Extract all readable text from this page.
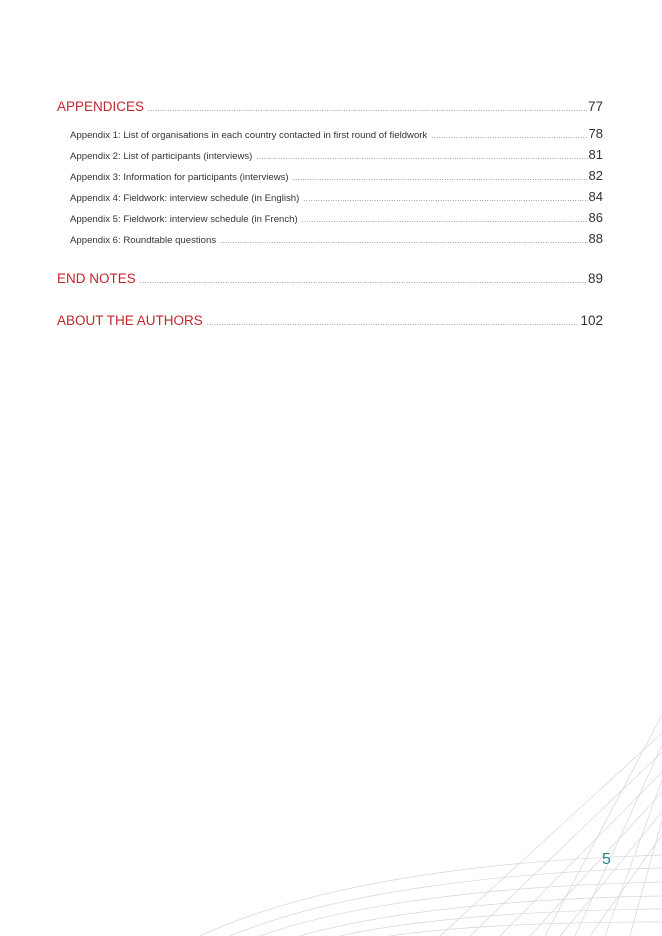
APPENDICES .....	77
Appendix 1: List of organisations in each country contacted in first round of fieldwork .....	78
Appendix 2: List of participants (interviews) .....	81
Appendix 3: Information for participants (interviews) .....	82
Appendix 4: Fieldwork: interview schedule (in English) .....	84
Appendix 5: Fieldwork: interview schedule (in French) .....	86
Appendix 6: Roundtable questions .....	88
END NOTES .....	89
ABOUT THE AUTHORS .....	102
5
